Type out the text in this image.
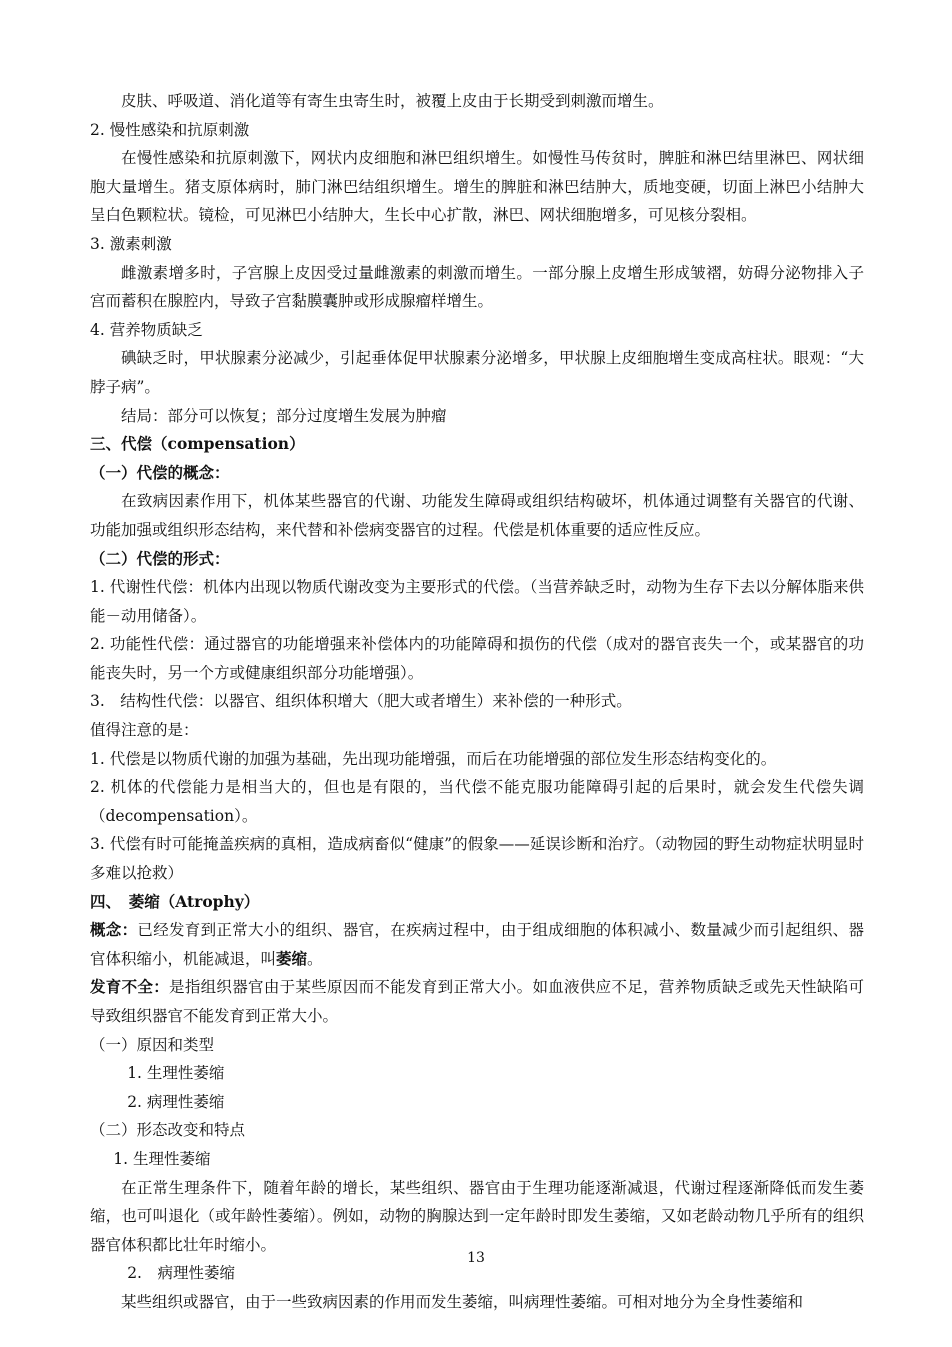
皮肤、呼吸道、消化道等有寄生虫寄生时，被覆上皮由于长期受到刺激而增生。

2. 慢性感染和抗原刺激

在慢性感染和抗原刺激下，网状内皮细胞和淋巴组织增生。如慢性马传贫时，脾脏和淋巴结里淋巴、网状细胞大量增生。猪支原体病时，肺门淋巴结组织增生。增生的脾脏和淋巴结肿大，质地变硬，切面上淋巴小结肿大呈白色颗粒状。镜检，可见淋巴小结肿大，生长中心扩散，淋巴、网状细胞增多，可见核分裂相。

3. 激素刺激

雌激素增多时，子宫腺上皮因受过量雌激素的刺激而增生。一部分腺上皮增生形成皱褶，妨碍分泌物排入子宫而蓄积在腺腔内，导致子宫黏膜囊肿或形成腺瘤样增生。

4. 营养物质缺乏

碘缺乏时，甲状腺素分泌减少，引起垂体促甲状腺素分泌增多，甲状腺上皮细胞增生变成高柱状。眼观：“大脖子病”。

结局：部分可以恢复；部分过度增生发展为肿瘤

三、代偿（compensation）

（一）代偿的概念：

在致病因素作用下，机体某些器官的代谢、功能发生障碍或组织结构破坏，机体通过调整有关器官的代谢、功能加强或组织形态结构，来代替和补偿病变器官的过程。代偿是机体重要的适应性反应。

（二）代偿的形式：

1. 代谢性代偿：机体内出现以物质代谢改变为主要形式的代偿。（当营养缺乏时，动物为生存下去以分解体脂来供能－动用储备）。

2. 功能性代偿：通过器官的功能增强来补偿体内的功能障碍和损伤的代偿（成对的器官丧失一个，或某器官的功能丧失时，另一个方或健康组织部分功能增强）。

3.　结构性代偿：以器官、组织体积增大（肥大或者增生）来补偿的一种形式。

值得注意的是：

1. 代偿是以物质代谢的加强为基础，先出现功能增强，而后在功能增强的部位发生形态结构变化的。

2. 机体的代偿能力是相当大的，但也是有限的，当代偿不能克服功能障碍引起的后果时，就会发生代偿失调（decompensation）。

3. 代偿有时可能掩盖疾病的真相，造成病畜似“健康”的假象——延误诊断和治疗。（动物园的野生动物症状明显时多难以抢救）

四、　萎缩（Atrophy）

概念：已经发育到正常大小的组织、器官，在疾病过程中，由于组成细胞的体积减小、数量减少而引起组织、器官体积缩小，机能减退，叫萎缩。

发育不全：是指组织器官由于某些原因而不能发育到正常大小。如血液供应不足，营养物质缺乏或先天性缺陷可导致组织器官不能发育到正常大小。

（一）原因和类型

1. 生理性萎缩

2. 病理性萎缩

（二）形态改变和特点

1. 生理性萎缩

在正常生理条件下，随着年龄的增长，某些组织、器官由于生理功能逐渐减退，代谢过程逐渐降低而发生萎缩，也可叫退化（或年龄性萎缩）。例如，动物的胸腺达到一定年龄时即发生萎缩，又如老龄动物几乎所有的组织器官体积都比壮年时缩小。

2.　病理性萎缩

某些组织或器官，由于一些致病因素的作用而发生萎缩，叫病理性萎缩。可相对地分为全身性萎缩和

13
